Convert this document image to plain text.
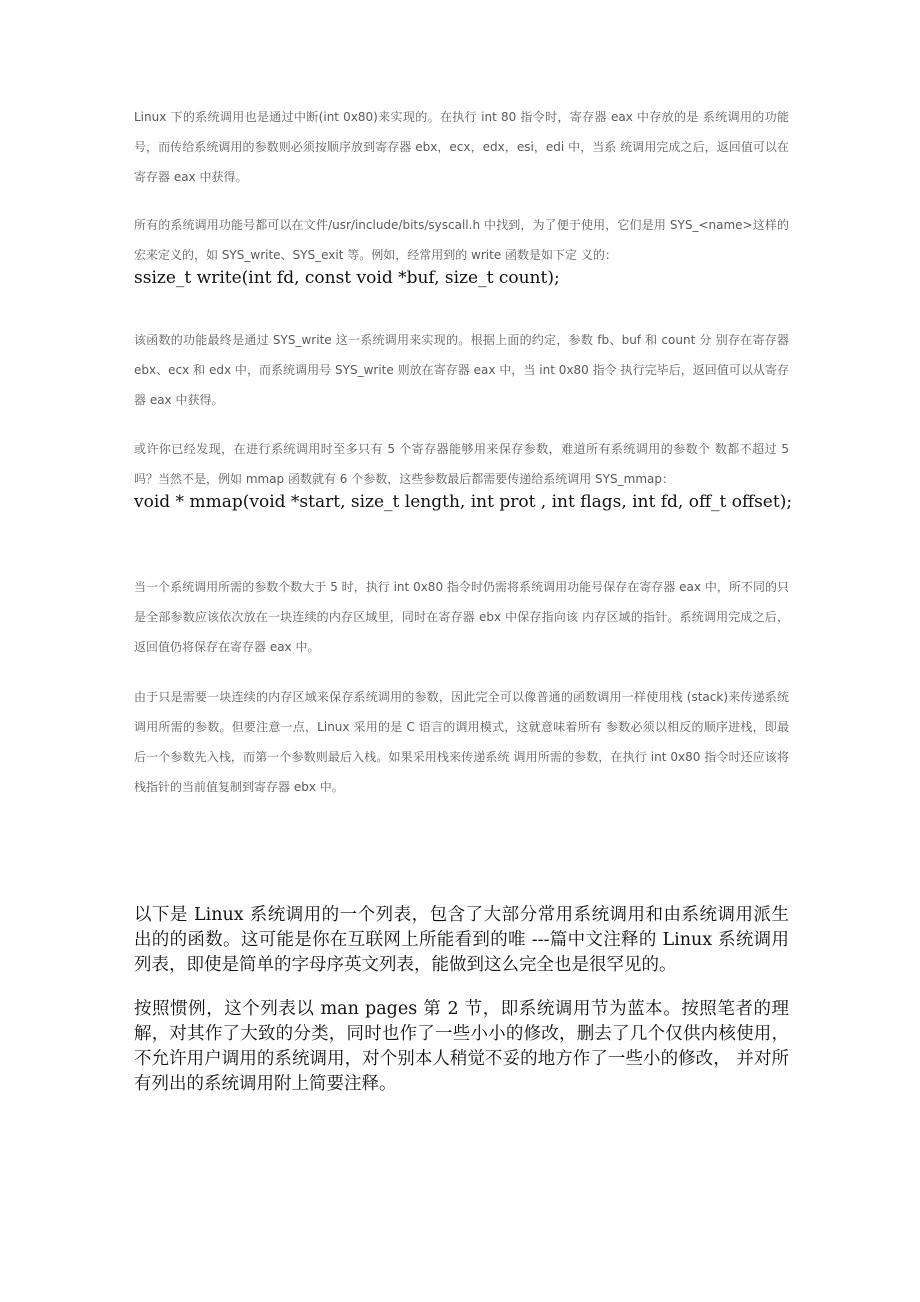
Linux 下的系统调用也是通过中断(int 0x80)来实现的。在执行 int 80 指令时，寄存器 eax 中存放的是 系统调用的功能号，而传给系统调用的参数则必须按顺序放到寄存器 ebx，ecx，edx，esi，edi 中，当系 统调用完成之后，返回值可以在寄存器 eax 中获得。

所有的系统调用功能号都可以在文件/usr/include/bits/syscall.h 中找到，为了便于使用，它们是用 SYS_<name>这样的宏来定义的，如 SYS_write、SYS_exit 等。例如，经常用到的 write 函数是如下定 义的：

ssize_t write(int fd, const void *buf, size_t count);

该函数的功能最终是通过 SYS_write 这一系统调用来实现的。根据上面的约定，参数 fb、buf 和 count 分 别存在寄存器 ebx、ecx 和 edx 中，而系统调用号 SYS_write 则放在寄存器 eax 中，当 int 0x80 指令 执行完毕后，返回值可以从寄存器 eax 中获得。

或许你已经发现，在进行系统调用时至多只有 5 个寄存器能够用来保存参数，难道所有系统调用的参数个 数都不超过 5 吗？当然不是，例如 mmap 函数就有 6 个参数，这些参数最后都需要传递给系统调用 SYS_mmap：

void * mmap(void *start, size_t length, int prot , int flags, int fd, off_t offset);

当一个系统调用所需的参数个数大于 5 时，执行 int 0x80 指令时仍需将系统调用功能号保存在寄存器 eax 中，所不同的只是全部参数应该依次放在一块连续的内存区域里，同时在寄存器 ebx 中保存指向该 内存区域的指针。系统调用完成之后，返回值仍将保存在寄存器 eax 中。

由于只是需要一块连续的内存区域来保存系统调用的参数，因此完全可以像普通的函数调用一样使用栈 (stack)来传递系统调用所需的参数。但要注意一点，Linux 采用的是 C 语言的调用模式，这就意味着所有 参数必须以相反的顺序进栈，即最后一个参数先入栈，而第一个参数则最后入栈。如果采用栈来传递系统 调用所需的参数，在执行 int 0x80 指令时还应该将栈指针的当前值复制到寄存器 ebx 中。

以下是 Linux 系统调用的一个列表，包含了大部分常用系统调用和由系统调用派生出的的函数。这可能是你在互联网上所能看到的唯 ---篇中文注释的 Linux 系统调用列表，即使是简单的字母序英文列表，能做到这么完全也是很罕见的。

按照惯例，这个列表以 man pages 第 2 节，即系统调用节为蓝本。按照笔者的理解，对其作了大致的分类，同时也作了一些小小的修改，删去了几个仅供内核使用，不允许用户调用的系统调用，对个别本人稍觉不妥的地方作了一些小的修改， 并对所有列出的系统调用附上简要注释。
